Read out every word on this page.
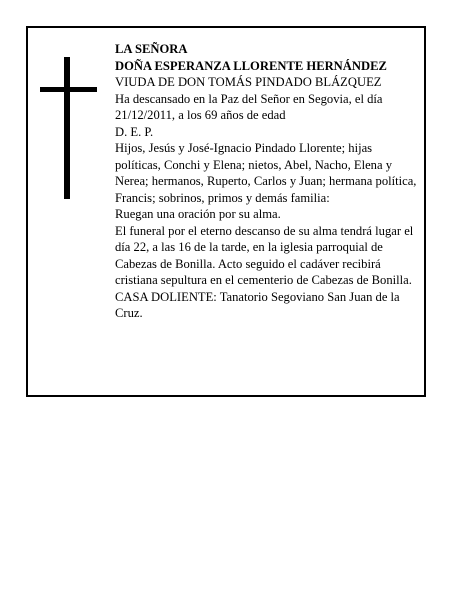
LA SEÑORA

DOÑA ESPERANZA LLORENTE HERNÁNDEZ

VIUDA DE DON TOMÁS PINDADO BLÁZQUEZ

Ha descansado en la Paz del Señor en Segovia, el día 21/12/2011, a los 69 años de edad

D. E. P.

Hijos, Jesús y José-Ignacio Pindado Llorente; hijas políticas, Conchi y Elena; nietos, Abel, Nacho, Elena y Nerea; hermanos, Ruperto, Carlos y Juan; hermana política, Francis; sobrinos, primos y demás familia:

Ruegan una oración por su alma.

El funeral por el eterno descanso de su alma tendrá lugar el día 22, a las 16 de la tarde, en la iglesia parroquial de Cabezas de Bonilla. Acto seguido el cadáver recibirá cristiana sepultura en el cementerio de Cabezas de Bonilla.

CASA DOLIENTE: Tanatorio Segoviano San Juan de la Cruz.
